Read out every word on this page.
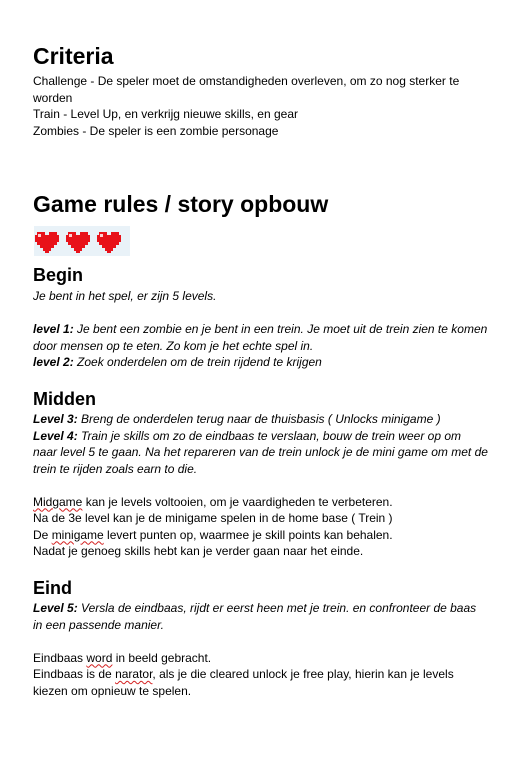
Criteria

Challenge - De speler moet de omstandigheden overleven, om zo nog sterker te worden

Train - Level Up, en verkrijg nieuwe skills, en gear

Zombies - De speler is een zombie personage

Game rules / story opbouw
Begin

Je bent in het spel, er zijn 5 levels.

level 1: Je bent een zombie en je bent in een trein. Je moet uit de trein zien te komen door mensen op te eten. Zo kom je het echte spel in.

level 2: Zoek onderdelen om de trein rijdend te krijgen

Midden

Level 3: Breng de onderdelen terug naar de thuisbasis ( Unlocks minigame )

Level 4: Train je skills om zo de eindbaas te verslaan, bouw de trein weer op om naar level 5 te gaan. Na het repareren van de trein unlock je de mini game om met de trein te rijden zoals earn to die.

Midgame kan je levels voltooien, om je vaardigheden te verbeteren.

Na de 3e level kan je de minigame spelen in de home base ( Trein )

De minigame levert punten op, waarmee je skill points kan behalen.

Nadat je genoeg skills hebt kan je verder gaan naar het einde.

Eind

Level 5: Versla de eindbaas, rijdt er eerst heen met je trein. en confronteer de baas in een passende manier.

Eindbaas word in beeld gebracht.

Eindbaas is de narator, als je die cleared unlock je free play, hierin kan je levels kiezen om opnieuw te spelen.
